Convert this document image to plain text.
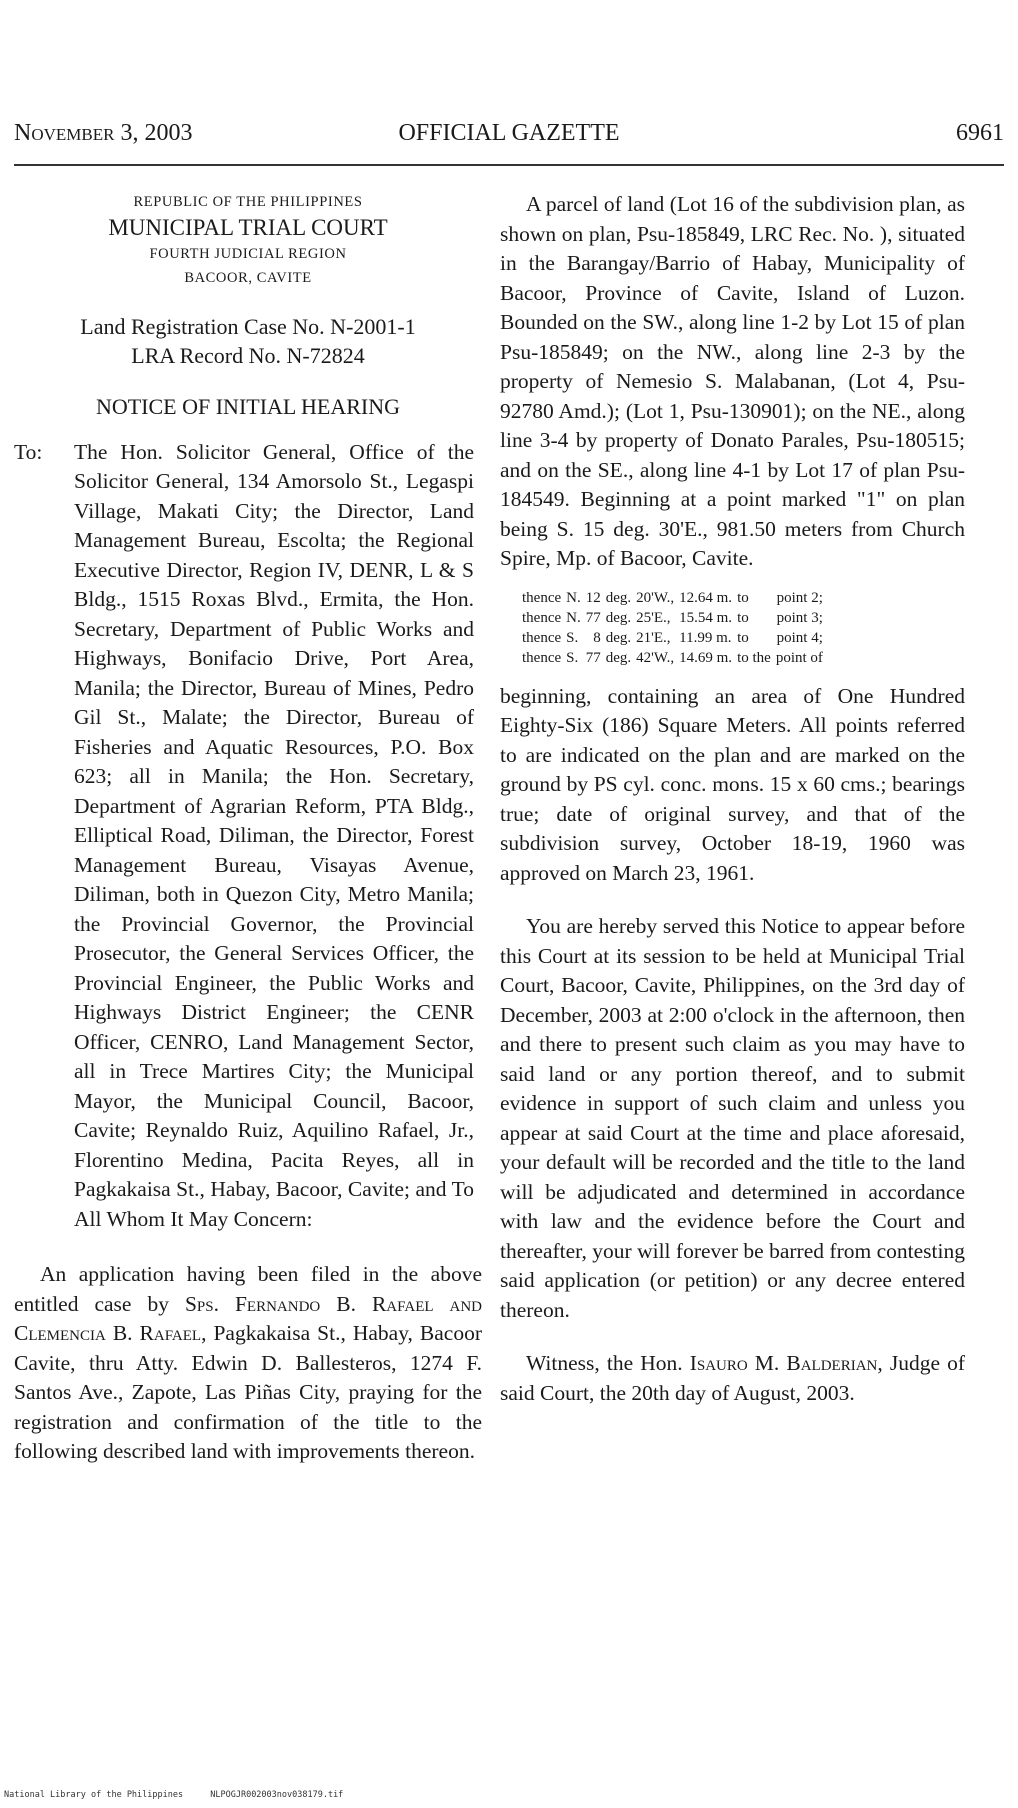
November 3, 2003	OFFICIAL GAZETTE	6961
REPUBLIC OF THE PHILIPPINES
MUNICIPAL TRIAL COURT
FOURTH JUDICIAL REGION
BACOOR, CAVITE
Land Registration Case No. N-2001-1
LRA Record No. N-72824
NOTICE OF INITIAL HEARING
To:	The Hon. Solicitor General, Office of the Solicitor General, 134 Amorsolo St., Legaspi Village, Makati City; the Director, Land Management Bureau, Escolta; the Regional Executive Director, Region IV, DENR, L & S Bldg., 1515 Roxas Blvd., Ermita, the Hon. Secretary, Department of Public Works and Highways, Bonifacio Drive, Port Area, Manila; the Director, Bureau of Mines, Pedro Gil St., Malate; the Director, Bureau of Fisheries and Aquatic Resources, P.O. Box 623; all in Manila; the Hon. Secretary, Department of Agrarian Reform, PTA Bldg., Elliptical Road, Diliman, the Director, Forest Management Bureau, Visayas Avenue, Diliman, both in Quezon City, Metro Manila; the Provincial Governor, the Provincial Prosecutor, the General Services Officer, the Provincial Engineer, the Public Works and Highways District Engineer; the CENR Officer, CENRO, Land Management Sector, all in Trece Martires City; the Municipal Mayor, the Municipal Council, Bacoor, Cavite; Reynaldo Ruiz, Aquilino Rafael, Jr., Florentino Medina, Pacita Reyes, all in Pagkakaisa St., Habay, Bacoor, Cavite; and To All Whom It May Concern:

An application having been filed in the above entitled case by Sps. Fernando B. Rafael and Clemencia B. Rafael, Pagkakaisa St., Habay, Bacoor Cavite, thru Atty. Edwin D. Ballesteros, 1274 F. Santos Ave., Zapote, Las Piñas City, praying for the registration and confirmation of the title to the following described land with improvements thereon.

A parcel of land (Lot 16 of the subdivision plan, as shown on plan, Psu-185849, LRC Rec. No. ), situated in the Barangay/Barrio of Habay, Municipality of Bacoor, Province of Cavite, Island of Luzon. Bounded on the SW., along line 1-2 by Lot 15 of plan Psu-185849; on the NW., along line 2-3 by the property of Nemesio S. Malabanan, (Lot 4, Psu-92780 Amd.); (Lot 1, Psu-130901); on the NE., along line 3-4 by property of Donato Parales, Psu-180515; and on the SE., along line 4-1 by Lot 17 of plan Psu-184549. Beginning at a point marked "1" on plan being S. 15 deg. 30'E., 981.50 meters from Church Spire, Mp. of Bacoor, Cavite.

thence	N.	12	deg.	20'W.,	12.64 m.	to	point 2;
thence	N.	77	deg.	25'E.,	15.54 m.	to	point 3;
thence	S.	8	deg.	21'E.,	11.99 m.	to	point 4;
thence	S.	77	deg.	42'W.,	14.69 m.	to the	point of

beginning, containing an area of One Hundred Eighty-Six (186) Square Meters. All points referred to are indicated on the plan and are marked on the ground by PS cyl. conc. mons. 15 x 60 cms.; bearings true; date of original survey, and that of the subdivision survey, October 18-19, 1960 was approved on March 23, 1961.

You are hereby served this Notice to appear before this Court at its session to be held at Municipal Trial Court, Bacoor, Cavite, Philippines, on the 3rd day of December, 2003 at 2:00 o'clock in the afternoon, then and there to present such claim as you may have to said land or any portion thereof, and to submit evidence in support of such claim and unless you appear at said Court at the time and place aforesaid, your default will be recorded and the title to the land will be adjudicated and determined in accordance with law and the evidence before the Court and thereafter, your will forever be barred from contesting said application (or petition) or any decree entered thereon.

Witness, the Hon. Isauro M. Balderian, Judge of said Court, the 20th day of August, 2003.

National Library of the Philippines	NLPOGJR002003nov038179.tif
